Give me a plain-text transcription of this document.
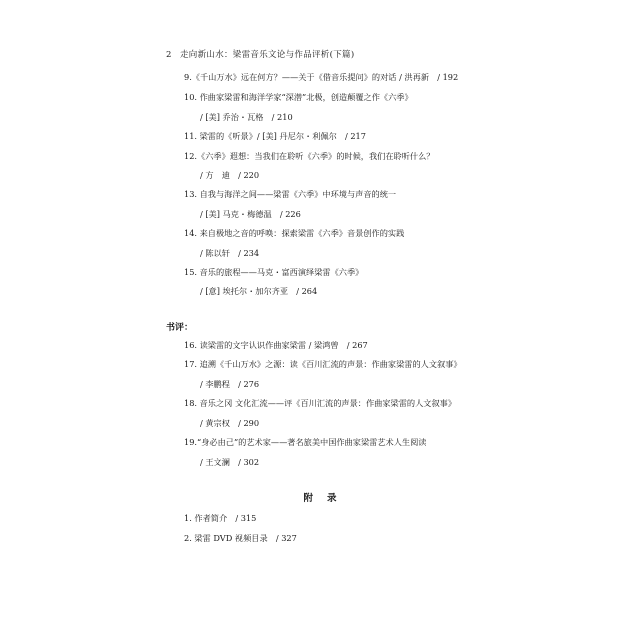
2 走向新山水：梁雷音乐文论与作品评析(下篇)
9.《千山万水》远在何方？——关于《借音乐提问》的对话 / 洪再新　/ 192
10. 作曲家梁雷和海洋学家“深潜”北极，创造颠覆之作《六季》
/ [美] 乔治・瓦格　/ 210
11. 梁雷的《听景》/ [美] 丹尼尔・利佩尔　/ 217
12.《六季》遐想：当我们在聆听《六季》的时候，我们在聆听什么？
/ 方　迪　/ 220
13. 自我与海洋之间——梁雷《六季》中环境与声音的统一
/ [美] 马克・梅德温　/ 226
14. 来自极地之音的呼唤：探索梁雷《六季》音景创作的实践
/ 陈以轩　/ 234
15. 音乐的旅程——马克・富西演绎梁雷《六季》
/ [意] 埃托尔・加尔齐亚　/ 264
书评：
16. 读梁雷的文字认识作曲家梁雷 / 梁鸿曾　/ 267
17. 追溯《千山万水》之源：读《百川汇流的声景：作曲家梁雷的人文叙事》
/ 李鹏程　/ 276
18. 音乐之冈 文化汇流——评《百川汇流的声景：作曲家梁雷的人文叙事》
/ 黄宗权　/ 290
19.“身必由己”的艺术家——著名旅美中国作曲家梁雷艺术人生阅读
/ 王文澜　/ 302
附录
1. 作者简介　/ 315
2. 梁雷 DVD 视频目录　/ 327
